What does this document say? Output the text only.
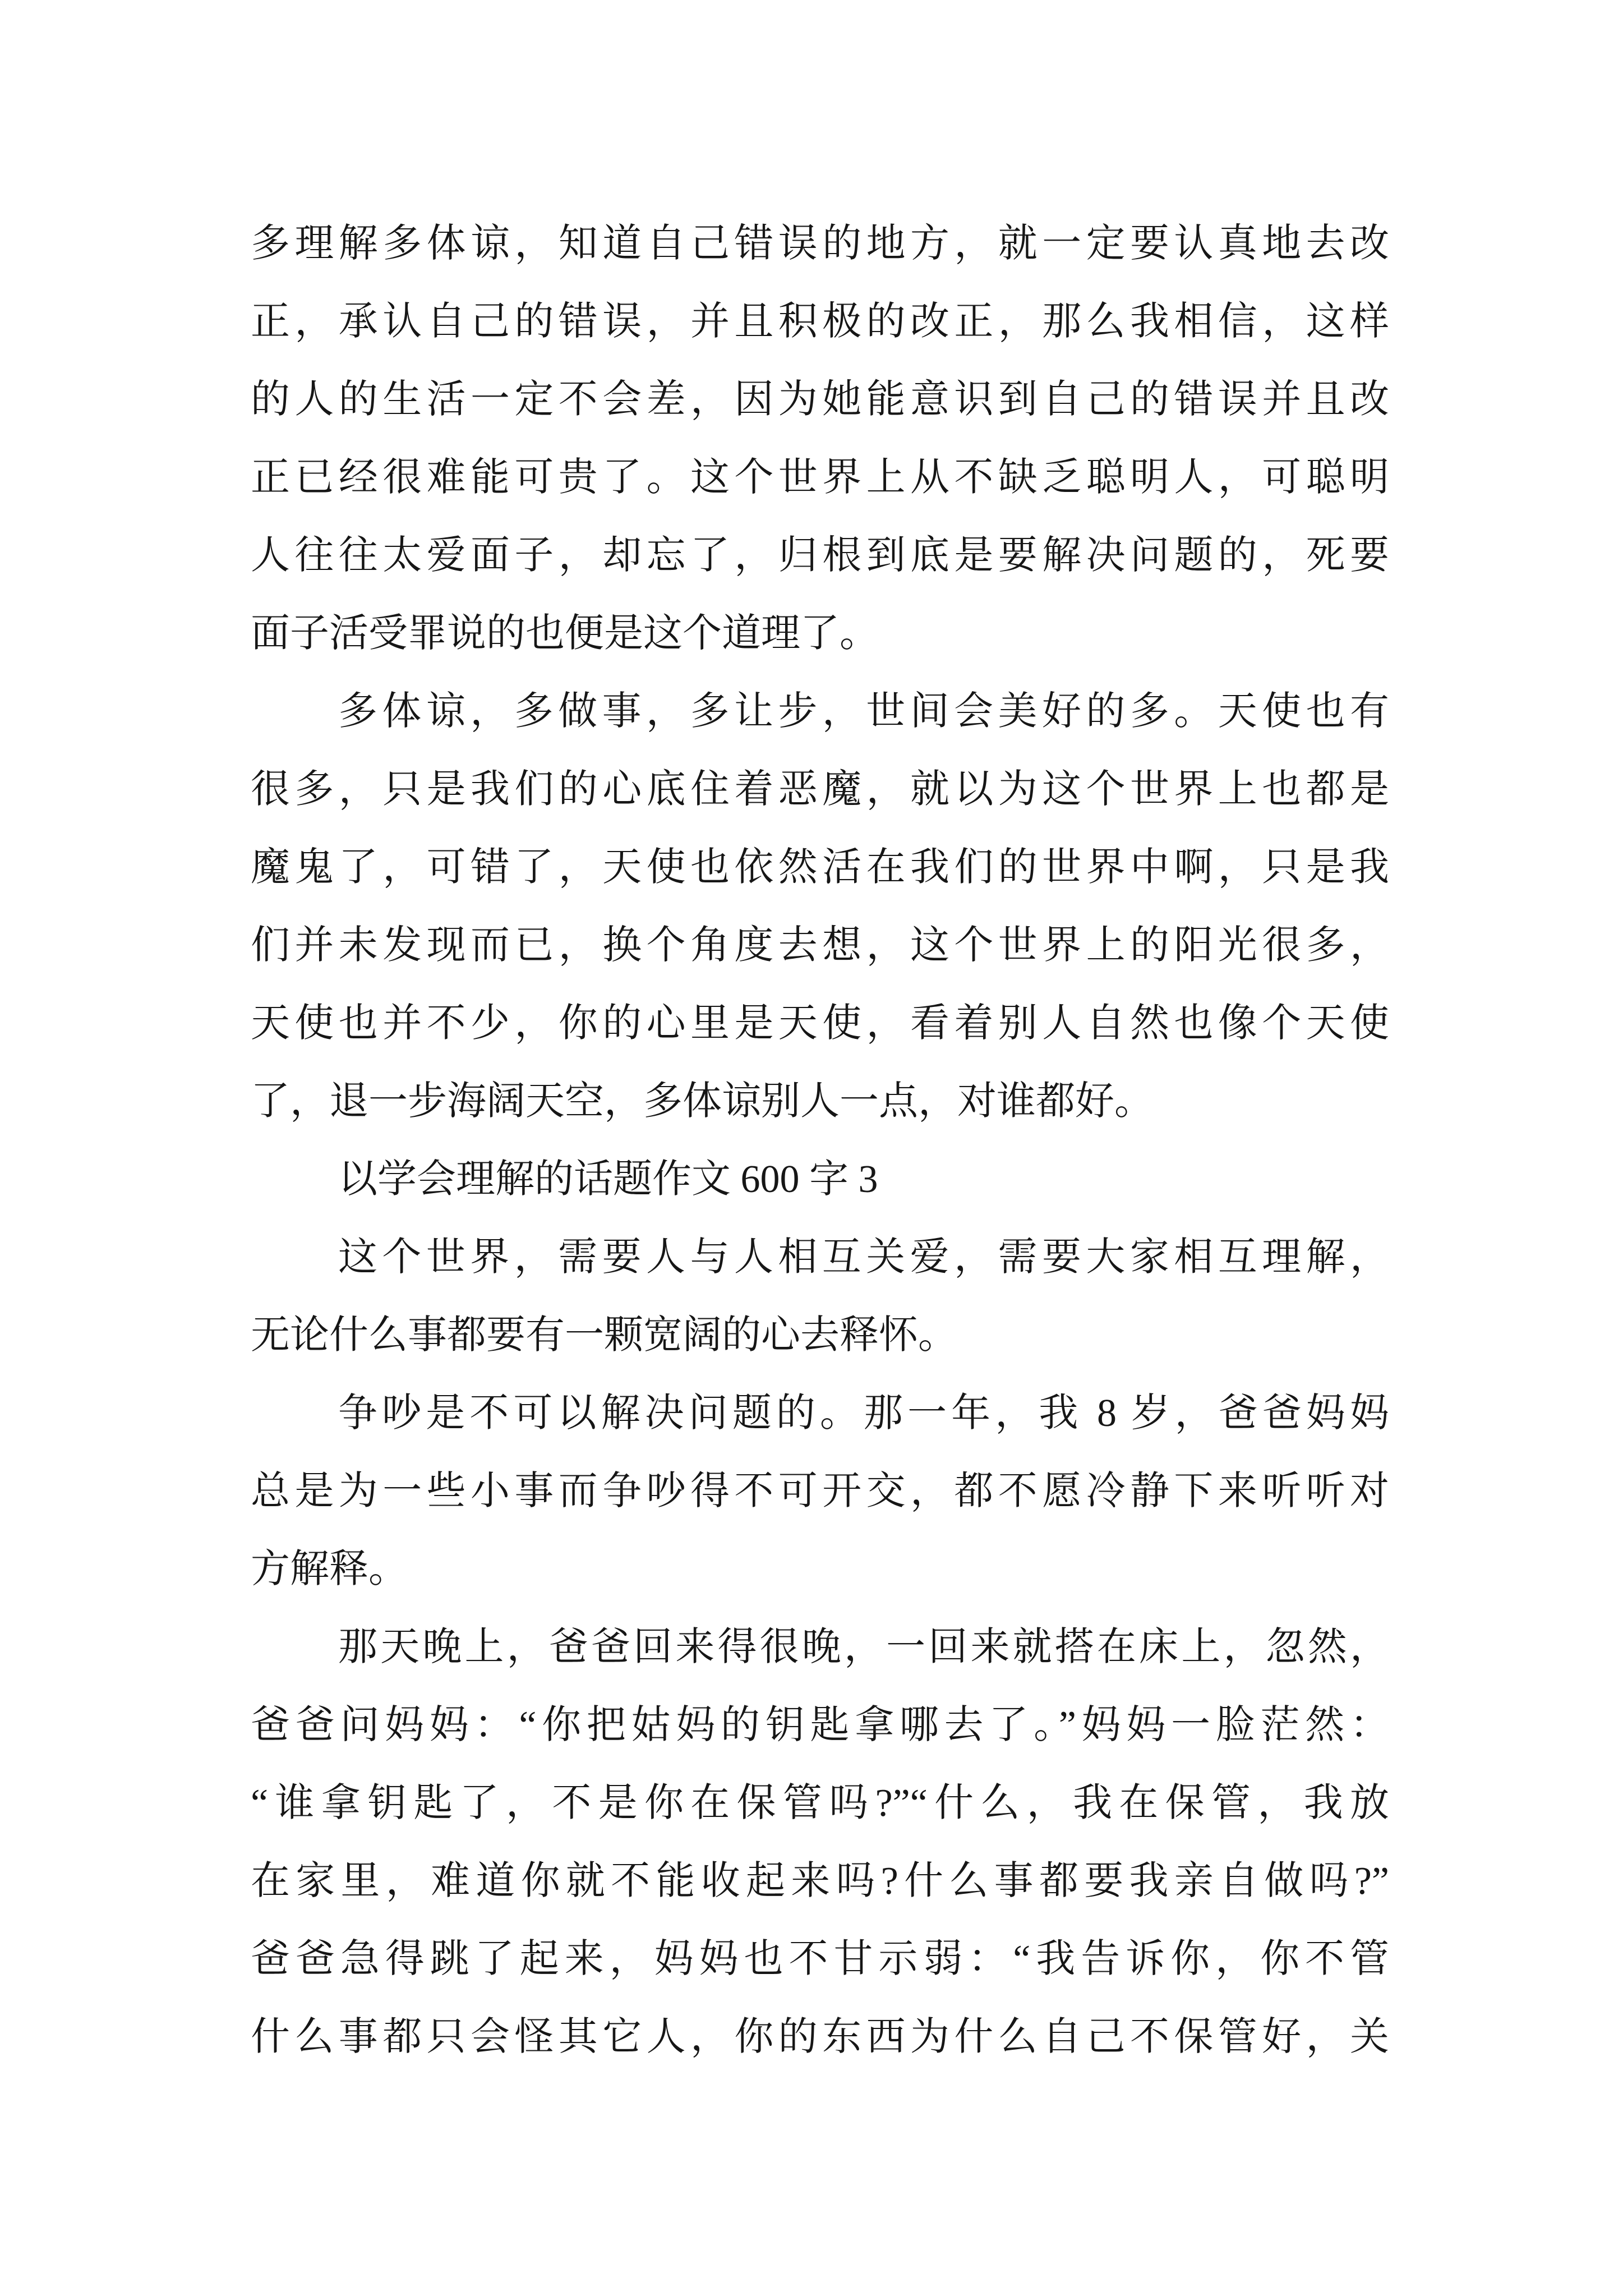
多理解多体谅，知道自己错误的地方，就一定要认真地去改
正，承认自己的错误，并且积极的改正，那么我相信，这样
的人的生活一定不会差，因为她能意识到自己的错误并且改
正已经很难能可贵了。这个世界上从不缺乏聪明人，可聪明
人往往太爱面子，却忘了，归根到底是要解决问题的，死要
面子活受罪说的也便是这个道理了。
多体谅，多做事，多让步，世间会美好的多。天使也有
很多，只是我们的心底住着恶魔，就以为这个世界上也都是
魔鬼了，可错了，天使也依然活在我们的世界中啊，只是我
们并未发现而已，换个角度去想，这个世界上的阳光很多，
天使也并不少，你的心里是天使，看着别人自然也像个天使
了，退一步海阔天空，多体谅别人一点，对谁都好。
以学会理解的话题作文 600 字 3
这个世界，需要人与人相互关爱，需要大家相互理解，
无论什么事都要有一颗宽阔的心去释怀。
争吵是不可以解决问题的。那一年，我 8 岁，爸爸妈妈
总是为一些小事而争吵得不可开交，都不愿冷静下来听听对
方解释。
那天晚上，爸爸回来得很晚，一回来就搭在床上，忽然，
爸爸问妈妈：“你把姑妈的钥匙拿哪去了。”妈妈一脸茫然：
“谁拿钥匙了，不是你在保管吗?”“什么，我在保管，我放
在家里，难道你就不能收起来吗?什么事都要我亲自做吗?”
爸爸急得跳了起来，妈妈也不甘示弱：“我告诉你，你不管
什么事都只会怪其它人，你的东西为什么自己不保管好，关
